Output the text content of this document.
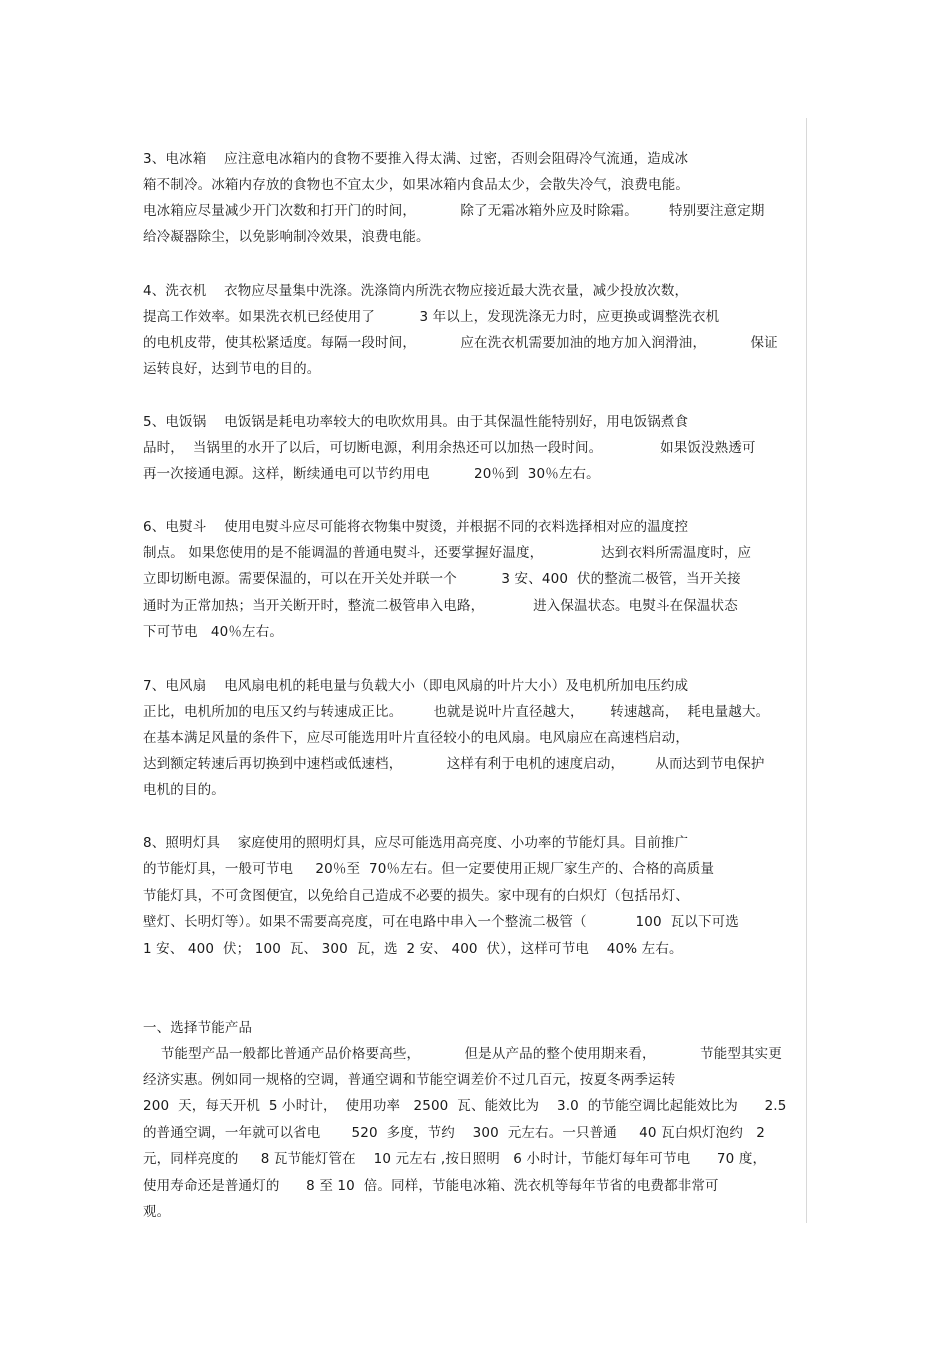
3、电冰箱    应注意电冰箱内的食物不要推入得太满、过密，否则会阻碍冷气流通，造成冰
箱不制冷。冰箱内存放的食物也不宜太少，如果冰箱内食品太少，会散失冷气，浪费电能。
电冰箱应尽量减少开门次数和打开门的时间，          除了无霜冰箱外应及时除霜。       特别要注意定期
给冷凝器除尘，以免影响制冷效果，浪费电能。
4、洗衣机    衣物应尽量集中洗涤。洗涤筒内所洗衣物应接近最大洗衣量，减少投放次数，
提高工作效率。如果洗衣机已经使用了          3 年以上，发现洗涤无力时，应更换或调整洗衣机
的电机皮带，使其松紧适度。每隔一段时间，          应在洗衣机需要加油的地方加入润滑油，          保证
运转良好，达到节电的目的。
5、电饭锅    电饭锅是耗电功率较大的电吹炊用具。由于其保温性能特别好，用电饭锅煮食
品时，  当锅里的水开了以后，可切断电源，利用余热还可以加热一段时间。             如果饭没熟透可
再一次接通电源。这样，断续通电可以节约用电          20％到  30％左右。
6、电熨斗    使用电熨斗应尽可能将衣物集中熨烫，并根据不同的衣料选择相对应的温度控
制点。 如果您使用的是不能调温的普通电熨斗，还要掌握好温度，             达到衣料所需温度时，应
立即切断电源。需要保温的，可以在开关处并联一个          3 安、400  伏的整流二极管，当开关接
通时为正常加热；当开关断开时，整流二极管串入电路，           进入保温状态。电熨斗在保温状态
下可节电   40％左右。
7、电风扇    电风扇电机的耗电量与负载大小（即电风扇的叶片大小）及电机所加电压约成
正比，电机所加的电压又约与转速成正比。       也就是说叶片直径越大，      转速越高，  耗电量越大。
在基本满足风量的条件下，应尽可能选用叶片直径较小的电风扇。电风扇应在高速档启动，
达到额定转速后再切换到中速档或低速档，          这样有利于电机的速度启动，       从而达到节电保护
电机的目的。
8、照明灯具    家庭使用的照明灯具，应尽可能选用高亮度、小功率的节能灯具。目前推广
的节能灯具，一般可节电     20％至  70％左右。但一定要使用正规厂家生产的、合格的高质量
节能灯具，不可贪图便宜，以免给自己造成不必要的损失。家中现有的白炽灯（包括吊灯、
壁灯、长明灯等）。如果不需要高亮度，可在电路中串入一个整流二极管（           100  瓦以下可选
1 安、 400  伏； 100  瓦、 300  瓦，选  2 安、 400  伏），这样可节电    40% 左右。
一、选择节能产品
节能型产品一般都比普通产品价格要高些，          但是从产品的整个使用期来看，          节能型其实更
经济实惠。例如同一规格的空调，普通空调和节能空调差价不过几百元，按夏冬两季运转
200  天，每天开机  5 小时计，  使用功率   2500  瓦、能效比为    3.0  的节能空调比起能效比为      2.5
的普通空调，一年就可以省电       520  多度，节约    300  元左右。一只普通     40 瓦白炽灯泡约   2
元，同样亮度的     8 瓦节能灯管在    10 元左右 ,按日照明   6 小时计，节能灯每年可节电      70 度，
使用寿命还是普通灯的      8 至 10  倍。同样，节能电冰箱、洗衣机等每年节省的电费都非常可
观。
